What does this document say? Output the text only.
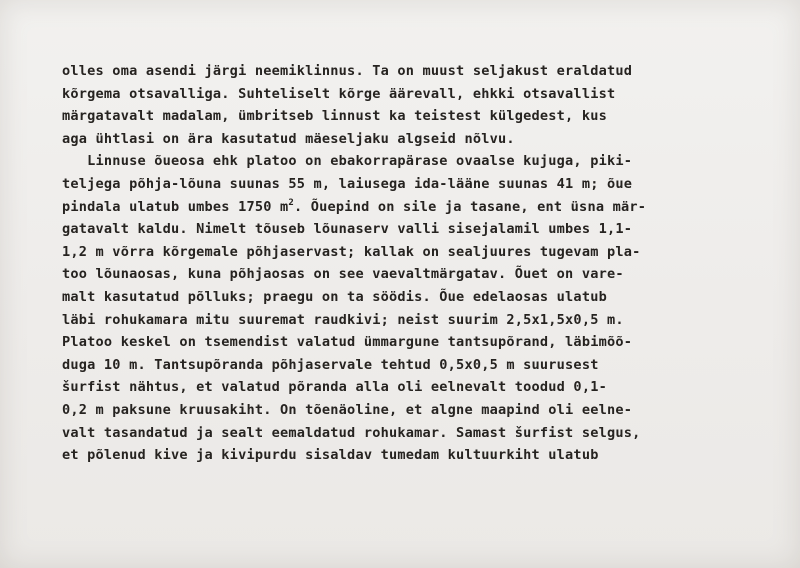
olles oma asendi järgi neemiklinnus. Ta on muust seljakust eraldatud
kõrgema otsavalliga. Suhteliselt kõrge äärevall, ehkki otsavallist
märgatavalt madalam, ümbritseb linnust ka teistest külgedest, kus
aga ühtlasi on ära kasutatud mäeseljaku algseid nõlvu.
Linnuse õueosa ehk platoo on ebakorrapärase ovaalse kujuga, piki-
teljega põhja-lõuna suunas 55 m, laiusega ida-lääne suunas 41 m; õue
pindala ulatub umbes 1750 $m^2$. Õuepind on sile ja tasane, ent üsna mär-
gatavalt kaldu. Nimelt tõuseb lõunaserv valli sisejalamil umbes 1,1-
1,2 m võrra kõrgemale põhjaservast; kallak on sealjuures tugevam pla-
too lõunaosas, kuna põhjaosas on see vaevaltmärgatav. Õuet on vare-
malt kasutatud põlluks; praegu on ta söödis. Õue edelaosas ulatub
läbi rohukamara mitu suuremat raudkivi; neist suurim 2,5x1,5x0,5 m.
Platoo keskel on tsemendist valatud ümmargune tantsupõrand, läbimõõ-
duga 10 m. Tantsupõranda põhjaservale tehtud 0,5x0,5 m suurusest
šurfist nähtus, et valatud põranda alla oli eelnevalt toodud 0,1-
0,2 m paksune kruusakiht. On tõenäoline, et algne maapind oli eelne-
valt tasandatud ja sealt eemaldatud rohukamar. Samast šurfist selgus,
et põlenud kive ja kivipurdu sisaldav tumedam kultuurkiht ulatub
